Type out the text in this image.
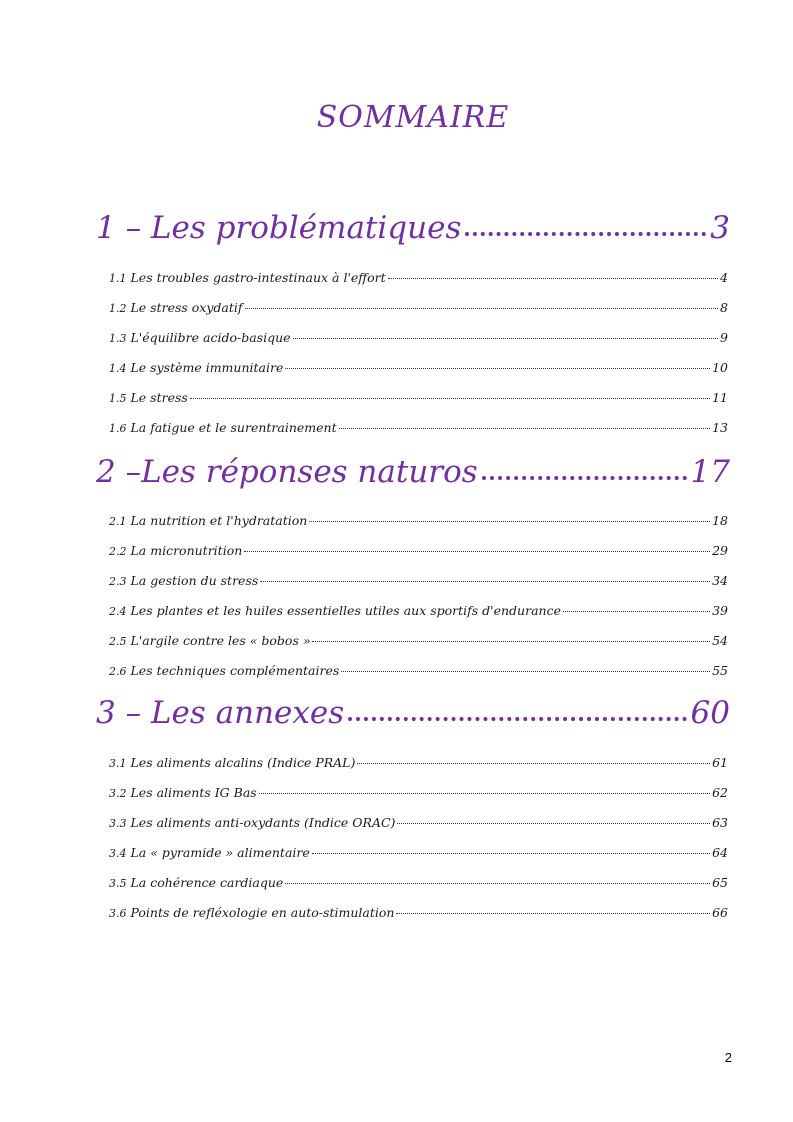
SOMMAIRE
1 – Les problématiques	3
1.1 Les troubles gastro-intestinaux à l'effort	4
1.2 Le stress oxydatif	8
1.3 L'équilibre acido-basique	9
1.4 Le système immunitaire	10
1.5 Le stress	11
1.6 La fatigue et le surentrainement	13
2 –Les réponses naturos	17
2.1 La nutrition et l'hydratation	18
2.2 La micronutrition	29
2.3 La gestion du stress	34
2.4 Les plantes et les huiles essentielles utiles aux sportifs d'endurance	39
2.5 L'argile contre les « bobos »	54
2.6 Les techniques complémentaires	55
3 – Les annexes	60
3.1 Les aliments alcalins (Indice PRAL)	61
3.2 Les aliments IG Bas	62
3.3 Les aliments anti-oxydants (Indice ORAC)	63
3.4 La « pyramide » alimentaire	64
3.5 La cohérence cardiaque	65
3.6 Points de refléxologie en auto-stimulation	66
2
